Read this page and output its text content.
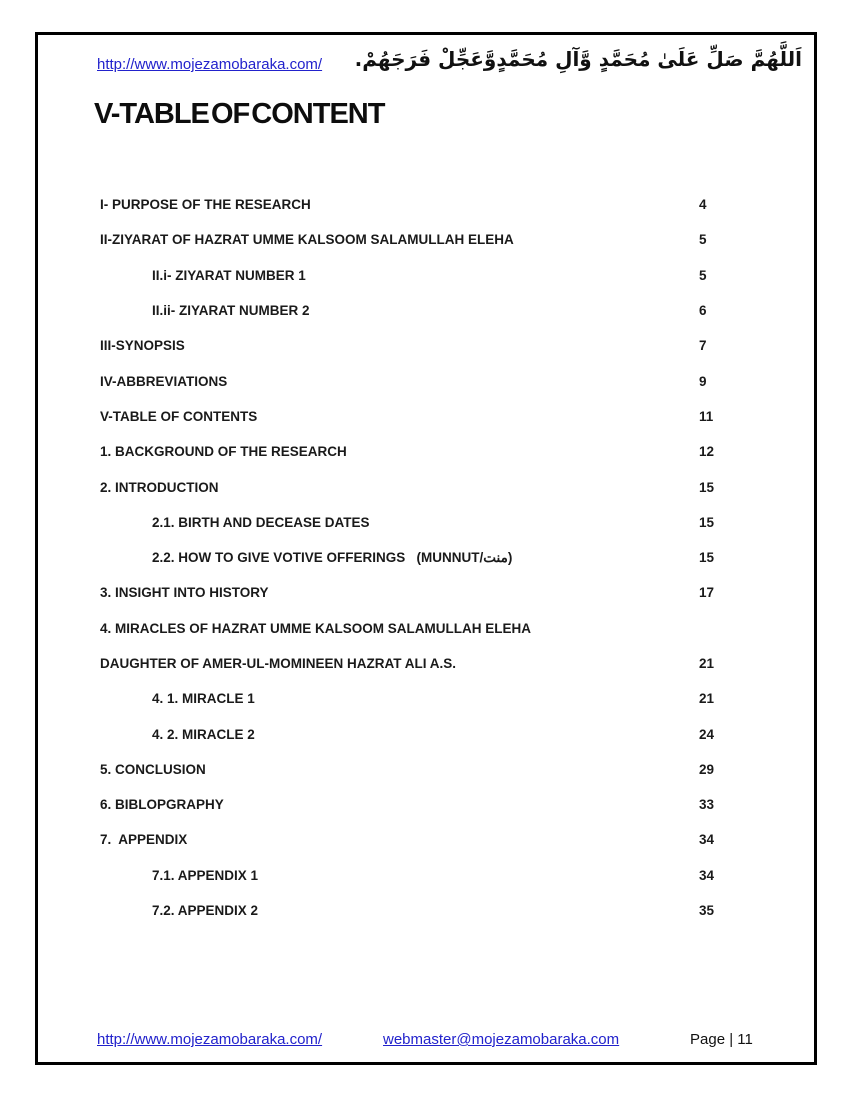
http://www.mojezamobaraka.com/ اَللَّهُمَّ صَلِّ عَلَىٰ مُحَمَّدٍ وَّآلِ مُحَمَّدٍوَّعَجِّلْ فَرَجَهُمْ.
V-TABLE OF CONTENT
I- PURPOSE OF THE RESEARCH	4
II-ZIYARAT OF HAZRAT UMME KALSOOM SALAMULLAH ELEHA	5
II.i- ZIYARAT NUMBER 1	5
II.ii- ZIYARAT NUMBER 2	6
III-SYNOPSIS	7
IV-ABBREVIATIONS	9
V-TABLE OF CONTENTS	11
1. BACKGROUND OF THE RESEARCH	12
2. INTRODUCTION	15
2.1. BIRTH AND DECEASE DATES	15
2.2. HOW TO GIVE VOTIVE OFFERINGS   (MUNNUT/منت)	15
3. INSIGHT INTO HISTORY	17
4. MIRACLES OF HAZRAT UMME KALSOOM SALAMULLAH ELEHA
DAUGHTER OF AMER-UL-MOMINEEN HAZRAT ALI A.S.	21
4. 1. MIRACLE 1	21
4. 2. MIRACLE 2	24
5. CONCLUSION	29
6. BIBLOPGRAPHY	33
7.  APPENDIX	34
7.1. APPENDIX 1	34
7.2. APPENDIX 2	35
http://www.mojezamobaraka.com/	webmaster@mojezamobaraka.com	Page | 11
